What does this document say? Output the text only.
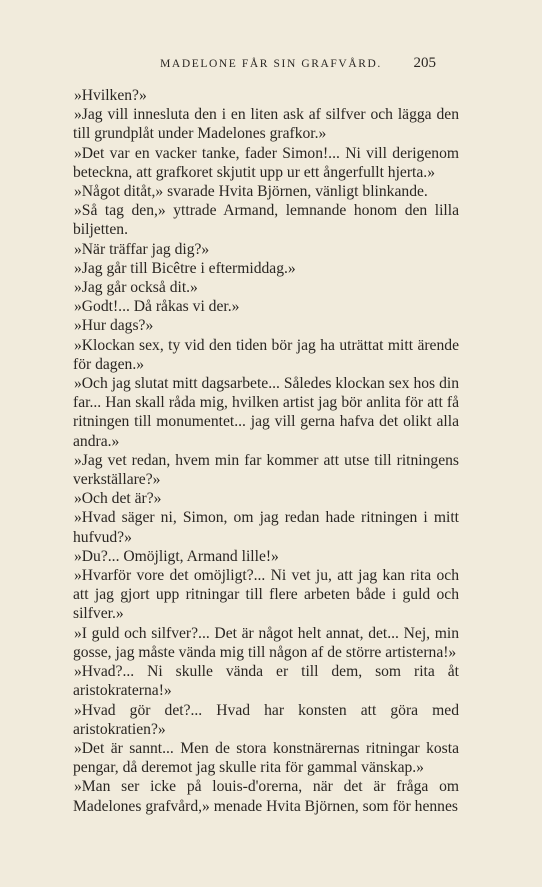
MADELONE FÅR SIN GRAFVÅRD.	205

»Hvilken?»

»Jag vill innesluta den i en liten ask af silfver och lägga den till grundplåt under Madelones grafkor.»

»Det var en vacker tanke, fader Simon!... Ni vill derigenom beteckna, att grafkoret skjutit upp ur ett ångerfullt hjerta.»

»Något ditåt,» svarade Hvita Björnen, vänligt blinkande.

»Så tag den,» yttrade Armand, lemnande honom den lilla biljetten.

»När träffar jag dig?»

»Jag går till Bicêtre i eftermiddag.»

»Jag går också dit.»

»Godt!... Då råkas vi der.»

»Hur dags?»

»Klockan sex, ty vid den tiden bör jag ha uträttat mitt ärende för dagen.»

»Och jag slutat mitt dagsarbete... Således klockan sex hos din far... Han skall råda mig, hvilken artist jag bör anlita för att få ritningen till monumentet... jag vill gerna hafva det olikt alla andra.»

»Jag vet redan, hvem min far kommer att utse till ritningens verkställare?»

»Och det är?»

»Hvad säger ni, Simon, om jag redan hade ritningen i mitt hufvud?»

»Du?... Omöjligt, Armand lille!»

»Hvarför vore det omöjligt?... Ni vet ju, att jag kan rita och att jag gjort upp ritningar till flere arbeten både i guld och silfver.»

»I guld och silfver?... Det är något helt annat, det... Nej, min gosse, jag måste vända mig till någon af de större artisterna!»

»Hvad?... Ni skulle vända er till dem, som rita åt aristokraterna!»

»Hvad gör det?... Hvad har konsten att göra med aristokratien?»

»Det är sannt... Men de stora konstnärernas ritningar kosta pengar, då deremot jag skulle rita för gammal vänskap.»

»Man ser icke på louis-d'orerna, när det är fråga om Madelones grafvård,» menade Hvita Björnen, som för hennes
